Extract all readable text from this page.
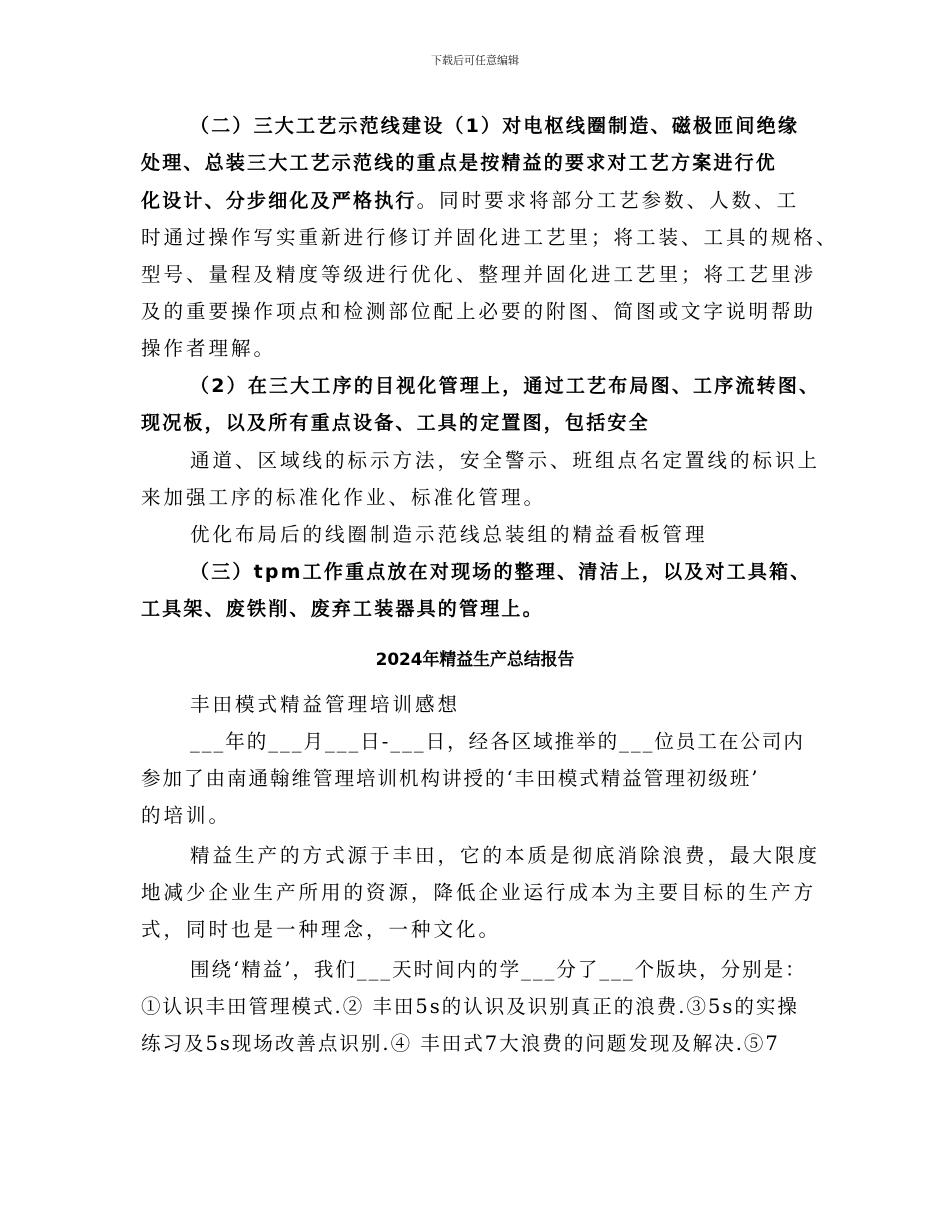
下载后可任意编辑
（二）三大工艺示范线建设（1）对电枢线圈制造、磁极匝间绝缘
处理、总装三大工艺示范线的重点是按精益的要求对工艺方案进行优
化设计、分步细化及严格执行。同时要求将部分工艺参数、人数、工
时通过操作写实重新进行修订并固化进工艺里；将工装、工具的规格、
型号、量程及精度等级进行优化、整理并固化进工艺里；将工艺里涉
及的重要操作项点和检测部位配上必要的附图、简图或文字说明帮助
操作者理解。
（2）在三大工序的目视化管理上，通过工艺布局图、工序流转图、
现况板，以及所有重点设备、工具的定置图，包括安全
通道、区域线的标示方法，安全警示、班组点名定置线的标识上
来加强工序的标准化作业、标准化管理。
优化布局后的线圈制造示范线总装组的精益看板管理
（三）tpm工作重点放在对现场的整理、清洁上，以及对工具箱、
工具架、废铁削、废弃工装器具的管理上。
2024年精益生产总结报告
丰田模式精益管理培训感想
___年的___月___日-___日，经各区域推举的___位员工在公司内
参加了由南通翰维管理培训机构讲授的‘丰田模式精益管理初级班’
的培训。
精益生产的方式源于丰田，它的本质是彻底消除浪费，最大限度
地减少企业生产所用的资源，降低企业运行成本为主要目标的生产方
式，同时也是一种理念，一种文化。
围绕‘精益’，我们___天时间内的学___分了___个版块，分别是：
①认识丰田管理模式.② 丰田5s的认识及识别真正的浪费.③5s的实操
练习及5s现场改善点识别.④ 丰田式7大浪费的问题发现及解决.⑤7
